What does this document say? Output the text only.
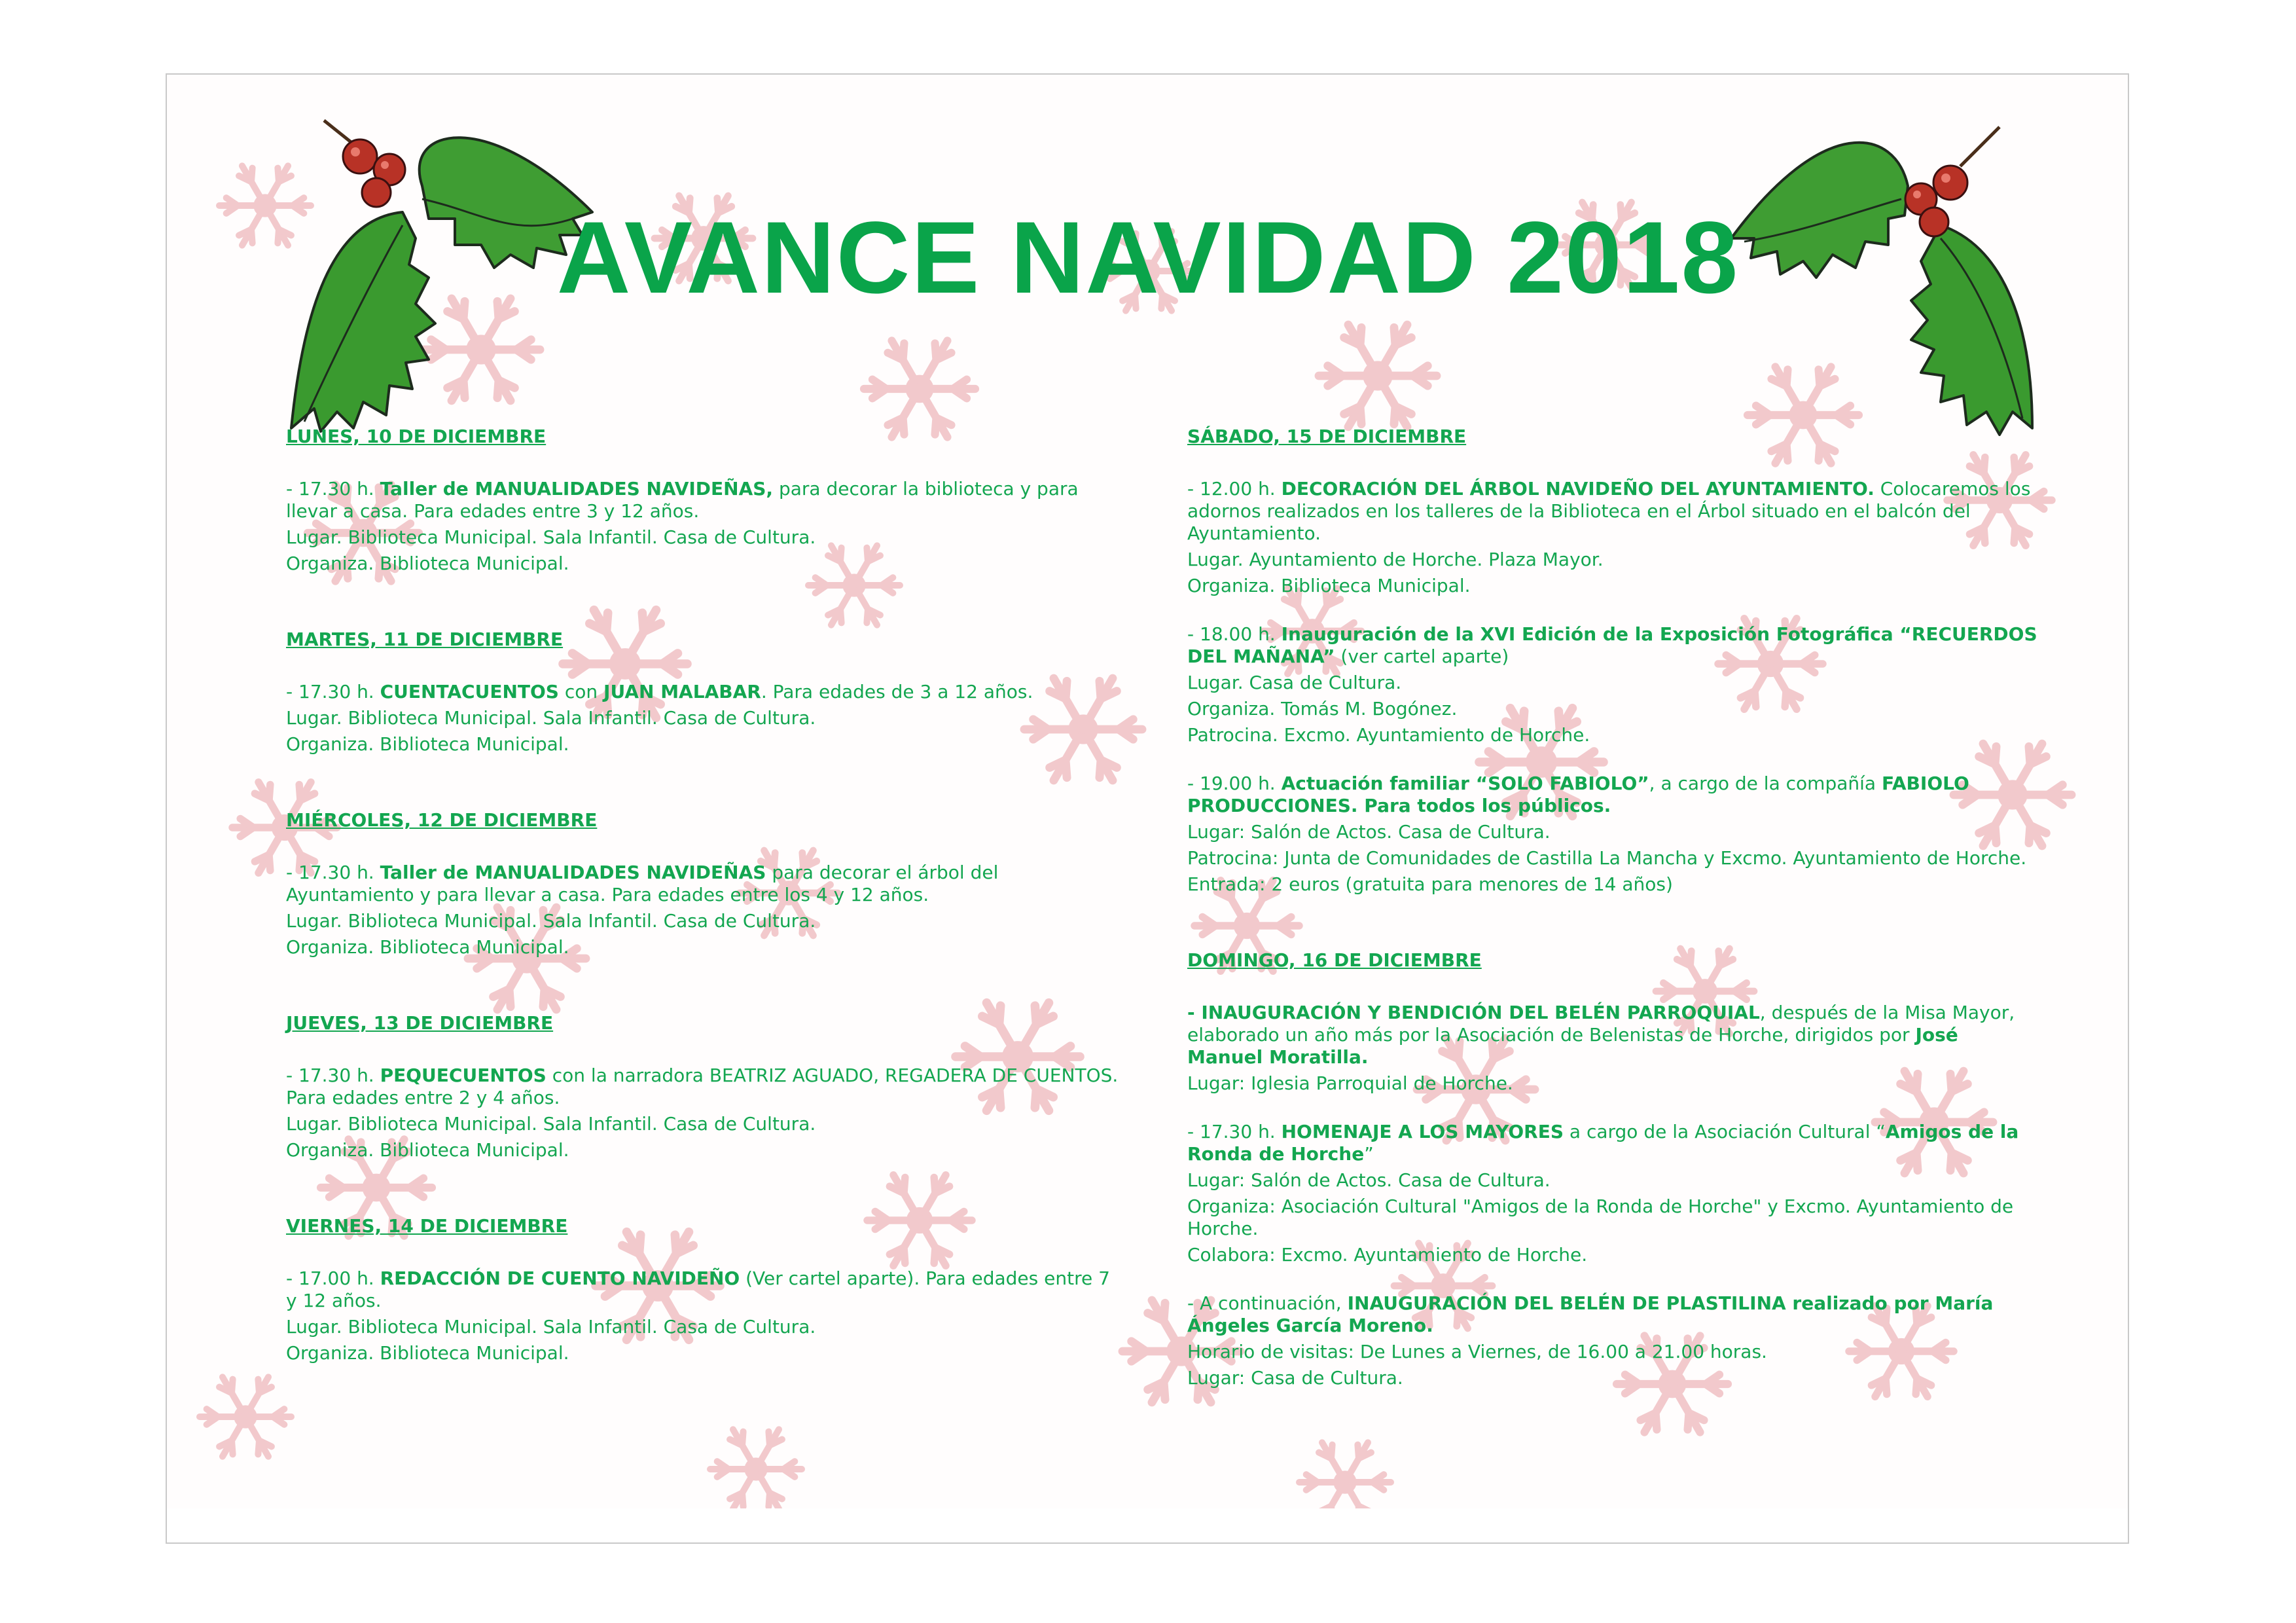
AVANCE NAVIDAD 2018
LUNES, 10 DE DICIEMBRE
- 17.30 h. Taller de MANUALIDADES NAVIDEÑAS, para decorar la biblioteca y para llevar a casa. Para edades entre 3 y 12 años.
Lugar. Biblioteca Municipal. Sala Infantil. Casa de Cultura.
Organiza. Biblioteca Municipal.
MARTES, 11 DE DICIEMBRE
- 17.30 h. CUENTACUENTOS con JUAN MALABAR. Para edades de 3 a 12 años.
Lugar. Biblioteca Municipal. Sala Infantil. Casa de Cultura.
Organiza. Biblioteca Municipal.
MIÉRCOLES, 12 DE DICIEMBRE
- 17.30 h. Taller de MANUALIDADES NAVIDEÑAS para decorar el árbol del Ayuntamiento y para llevar a casa. Para edades entre los 4 y 12 años.
Lugar. Biblioteca Municipal. Sala Infantil. Casa de Cultura.
Organiza. Biblioteca Municipal.
JUEVES, 13 DE DICIEMBRE
- 17.30 h. PEQUECUENTOS con la narradora BEATRIZ AGUADO, REGADERA DE CUENTOS. Para edades entre 2 y 4 años.
Lugar. Biblioteca Municipal. Sala Infantil. Casa de Cultura.
Organiza. Biblioteca Municipal.
VIERNES, 14 DE DICIEMBRE
- 17.00 h. REDACCIÓN DE CUENTO NAVIDEÑO (Ver cartel aparte). Para edades entre 7 y 12 años.
Lugar. Biblioteca Municipal. Sala Infantil. Casa de Cultura.
Organiza. Biblioteca Municipal.
SÁBADO, 15 DE DICIEMBRE
- 12.00 h. DECORACIÓN DEL ÁRBOL NAVIDEÑO DEL AYUNTAMIENTO. Colocaremos los adornos realizados en los talleres de la Biblioteca en el Árbol situado en el balcón del Ayuntamiento.
Lugar. Ayuntamiento de Horche. Plaza Mayor.
Organiza. Biblioteca Municipal.
- 18.00 h. Inauguración de la XVI Edición de la Exposición Fotográfica “RECUERDOS DEL MAÑANA” (ver cartel aparte)
Lugar. Casa de Cultura.
Organiza. Tomás M. Bogónez.
Patrocina. Excmo. Ayuntamiento de Horche.
- 19.00 h. Actuación familiar “SOLO FABIOLO”, a cargo de la compañía FABIOLO PRODUCCIONES. Para todos los públicos.
Lugar: Salón de Actos. Casa de Cultura.
Patrocina: Junta de Comunidades de Castilla La Mancha y Excmo. Ayuntamiento de Horche.
Entrada: 2 euros (gratuita para menores de 14 años)
DOMINGO, 16 DE DICIEMBRE
- INAUGURACIÓN Y BENDICIÓN DEL BELÉN PARROQUIAL, después de la Misa Mayor, elaborado un año más por la Asociación de Belenistas de Horche, dirigidos por José Manuel Moratilla.
Lugar: Iglesia Parroquial de Horche.
- 17.30 h. HOMENAJE A LOS MAYORES a cargo de la Asociación Cultural “Amigos de la Ronda de Horche”
Lugar: Salón de Actos. Casa de Cultura.
Organiza: Asociación Cultural "Amigos de la Ronda de Horche" y Excmo. Ayuntamiento de Horche.
Colabora: Excmo. Ayuntamiento de Horche.
- A continuación, INAUGURACIÓN DEL BELÉN DE PLASTILINA realizado por María Ángeles García Moreno.
Horario de visitas: De Lunes a Viernes, de 16.00 a 21.00 horas.
Lugar: Casa de Cultura.
